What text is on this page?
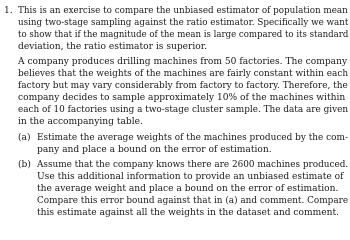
1. This is an exercise to compare the unbiased estimator of population mean
using two-stage sampling against the ratio estimator. Specifically we want
to show that if the magnitude of the mean is large compared to its standard
deviation, the ratio estimator is superior.
A company produces drilling machines from 50 factories. The company
believes that the weights of the machines are fairly constant within each
factory but may vary considerably from factory to factory. Therefore, the
company decides to sample approximately 10% of the machines within
each of 10 factories using a two-stage cluster sample. The data are given
in the accompanying table.
(a) Estimate the average weights of the machines produced by the com-
pany and place a bound on the error of estimation.
(b) Assume that the company knows there are 2600 machines produced.
Use this additional information to provide an unbiased estimate of
the average weight and place a bound on the error of estimation.
Compare this error bound against that in (a) and comment. Compare
this estimate against all the weights in the dataset and comment.
